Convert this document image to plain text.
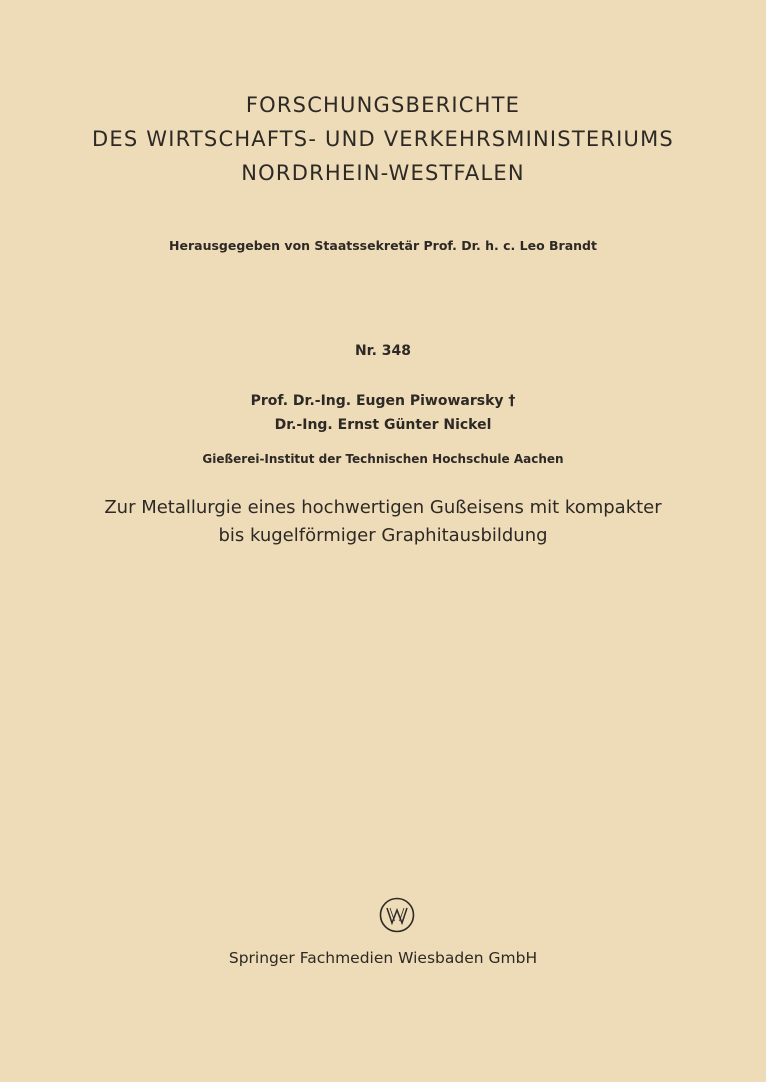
FORSCHUNGSBERICHTE
DES WIRTSCHAFTS- UND VERKEHRSMINISTERIUMS
NORDRHEIN-WESTFALEN
Herausgegeben von Staatssekretär Prof. Dr. h. c. Leo Brandt
Nr. 348
Prof. Dr.-Ing. Eugen Piwowarsky †
Dr.-Ing. Ernst Günter Nickel
Gießerei-Institut der Technischen Hochschule Aachen
Zur Metallurgie eines hochwertigen Gußeisens mit kompakter
bis kugelförmiger Graphitausbildung
Springer Fachmedien Wiesbaden GmbH
